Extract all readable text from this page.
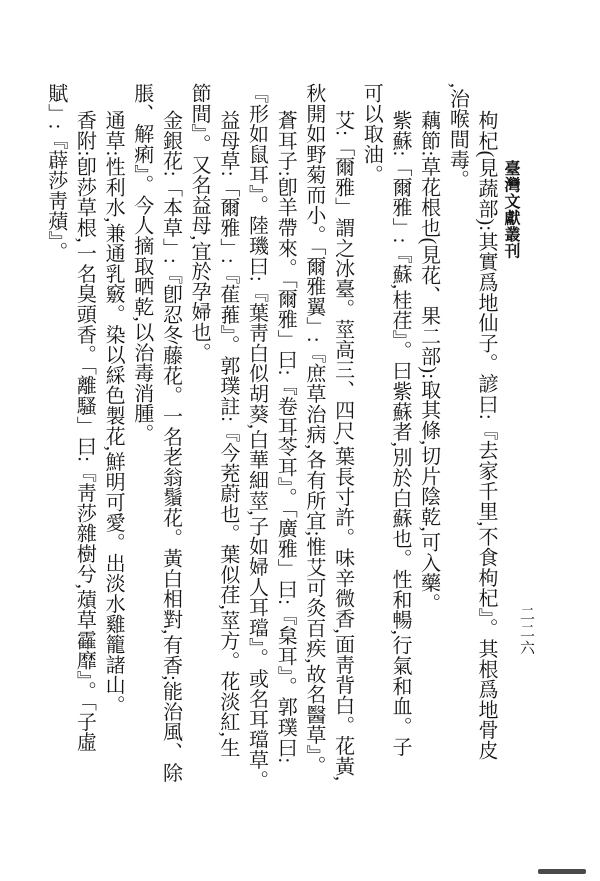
臺灣文獻叢刊
二二六
枸杞(見蔬部):其實爲地仙子。諺曰:『去家千里,不食枸杞』。其根爲地骨皮
,治喉間毒。
藕節:草花根也(見花、果二部):取其條,切片陰乾,可入藥。
紫蘇:「爾雅」:『蘇,桂荏』。曰紫蘇者,別於白蘇也。性和暢,行氣和血。子
可以取油。
艾:「爾雅」謂之冰臺。莖高三、四尺,葉長寸許。味辛微香,面靑背白。花黃,
秋開如野菊而小。「爾雅翼」:『庶草治病,各有所宜;惟艾可灸百疾,故名醫草』。
蒼耳子:卽羊帶來。「爾雅」曰:『卷耳苓耳』。「廣雅」曰:『枲耳』。郭璞曰:
『形如鼠耳』。陸璣曰:『葉靑白似胡葵,白華細莖,子如婦人耳璫』。或名耳璫草。
益母草:「爾雅」:『萑蓷』。郭璞註:『今茺蔚也。葉似荏,莖方。花淡紅,生
節間』。又名益母,宜於孕婦也。
金銀花:「本草」:『卽忍冬藤花。一名老翁鬚花。黃白相對,有香;能治風、除
脹、解痢』。今人摘取晒乾,以治毒消腫。
通草:性利水,兼通乳竅。染以綵色製花,鮮明可愛。出淡水雞籠諸山。
香附:卽莎草根,一名臭頭香。「離騷」曰:『靑莎雜樹兮,薠草靃靡』。「子虛
賦」:『薜莎靑薠』。
